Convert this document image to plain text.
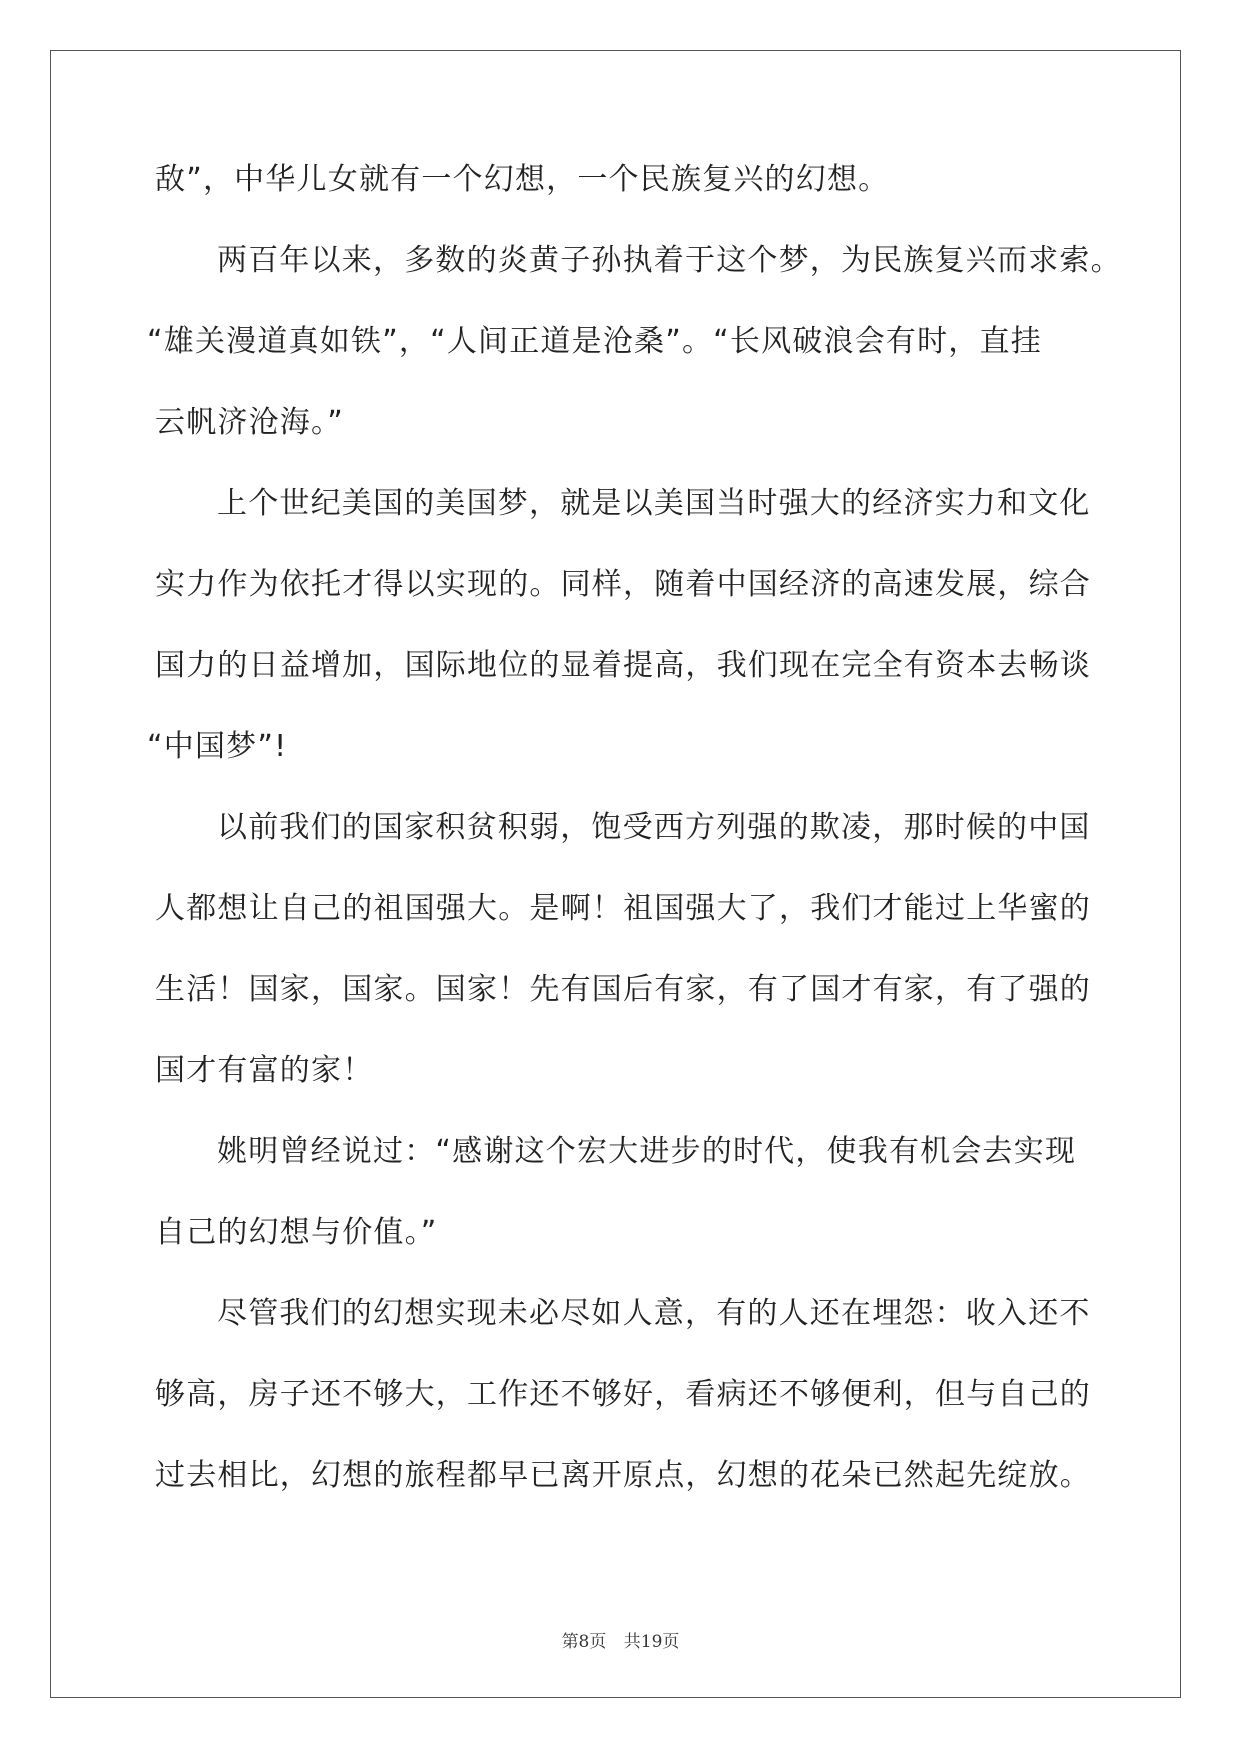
敌”，中华儿女就有一个幻想，一个民族复兴的幻想。
两百年以来，多数的炎黄子孙执着于这个梦，为民族复兴而求索。
“雄关漫道真如铁”，“人间正道是沧桑”。“长风破浪会有时，直挂
云帆济沧海。”
上个世纪美国的美国梦，就是以美国当时强大的经济实力和文化
实力作为依托才得以实现的。同样，随着中国经济的高速发展，综合
国力的日益增加，国际地位的显着提高，我们现在完全有资本去畅谈
“中国梦”!
以前我们的国家积贫积弱，饱受西方列强的欺凌，那时候的中国
人都想让自己的祖国强大。是啊！祖国强大了，我们才能过上华蜜的
生活！国家，国家。国家！先有国后有家，有了国才有家，有了强的
国才有富的家！
姚明曾经说过：“感谢这个宏大进步的时代，使我有机会去实现
自己的幻想与价值。”
尽管我们的幻想实现未必尽如人意，有的人还在埋怨：收入还不
够高，房子还不够大，工作还不够好，看病还不够便利，但与自己的
过去相比，幻想的旅程都早已离开原点，幻想的花朵已然起先绽放。
第8页 共19页
